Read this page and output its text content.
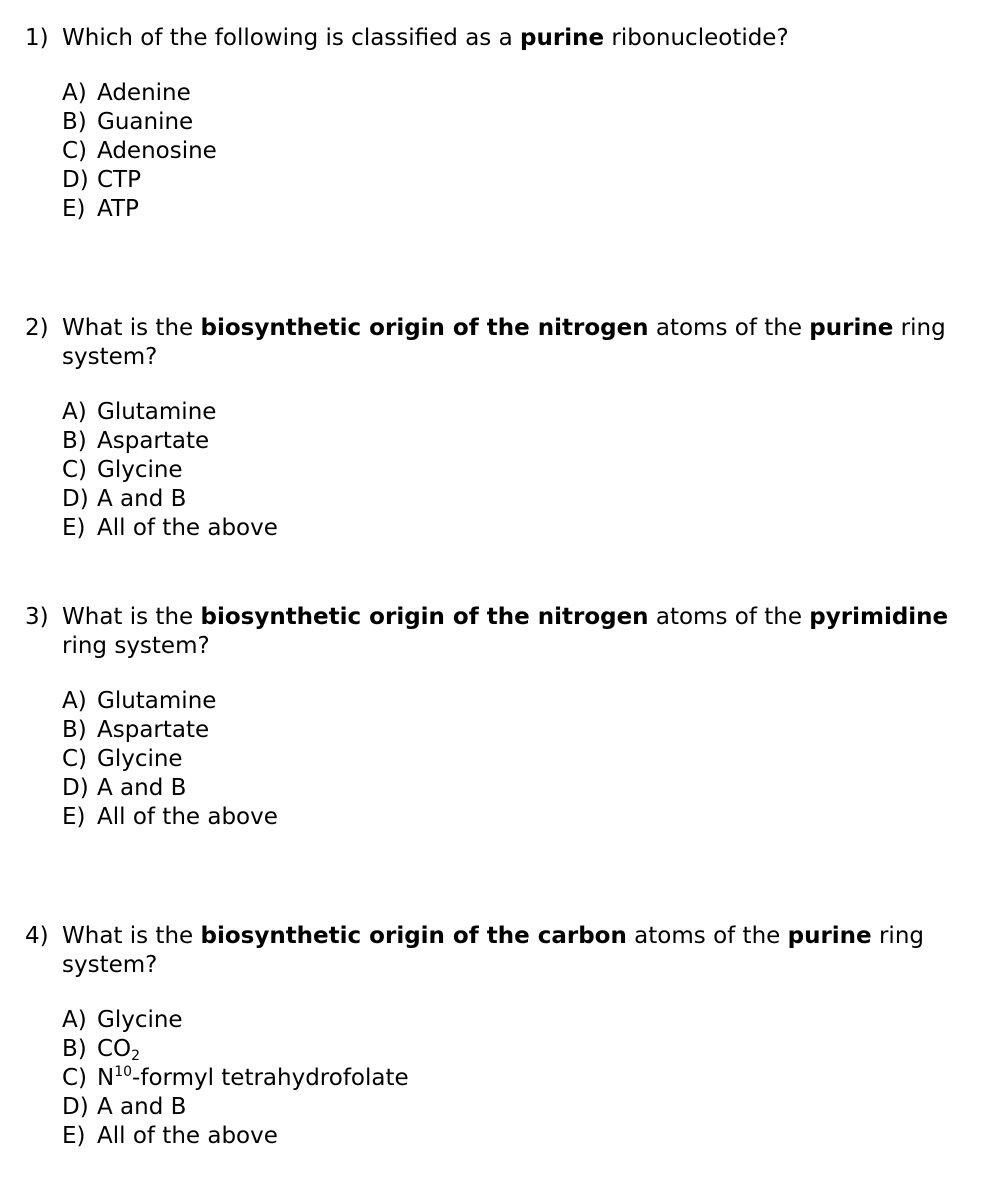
1) Which of the following is classified as a purine ribonucleotide?
A) Adenine
B) Guanine
C) Adenosine
D) CTP
E) ATP
2) What is the biosynthetic origin of the nitrogen atoms of the purine ring system?
A) Glutamine
B) Aspartate
C) Glycine
D) A and B
E) All of the above
3) What is the biosynthetic origin of the nitrogen atoms of the pyrimidine ring system?
A) Glutamine
B) Aspartate
C) Glycine
D) A and B
E) All of the above
4) What is the biosynthetic origin of the carbon atoms of the purine ring system?
A) Glycine
B) $CO_2$
C) $N^{10}$-formyl tetrahydrofolate
D) A and B
E) All of the above
